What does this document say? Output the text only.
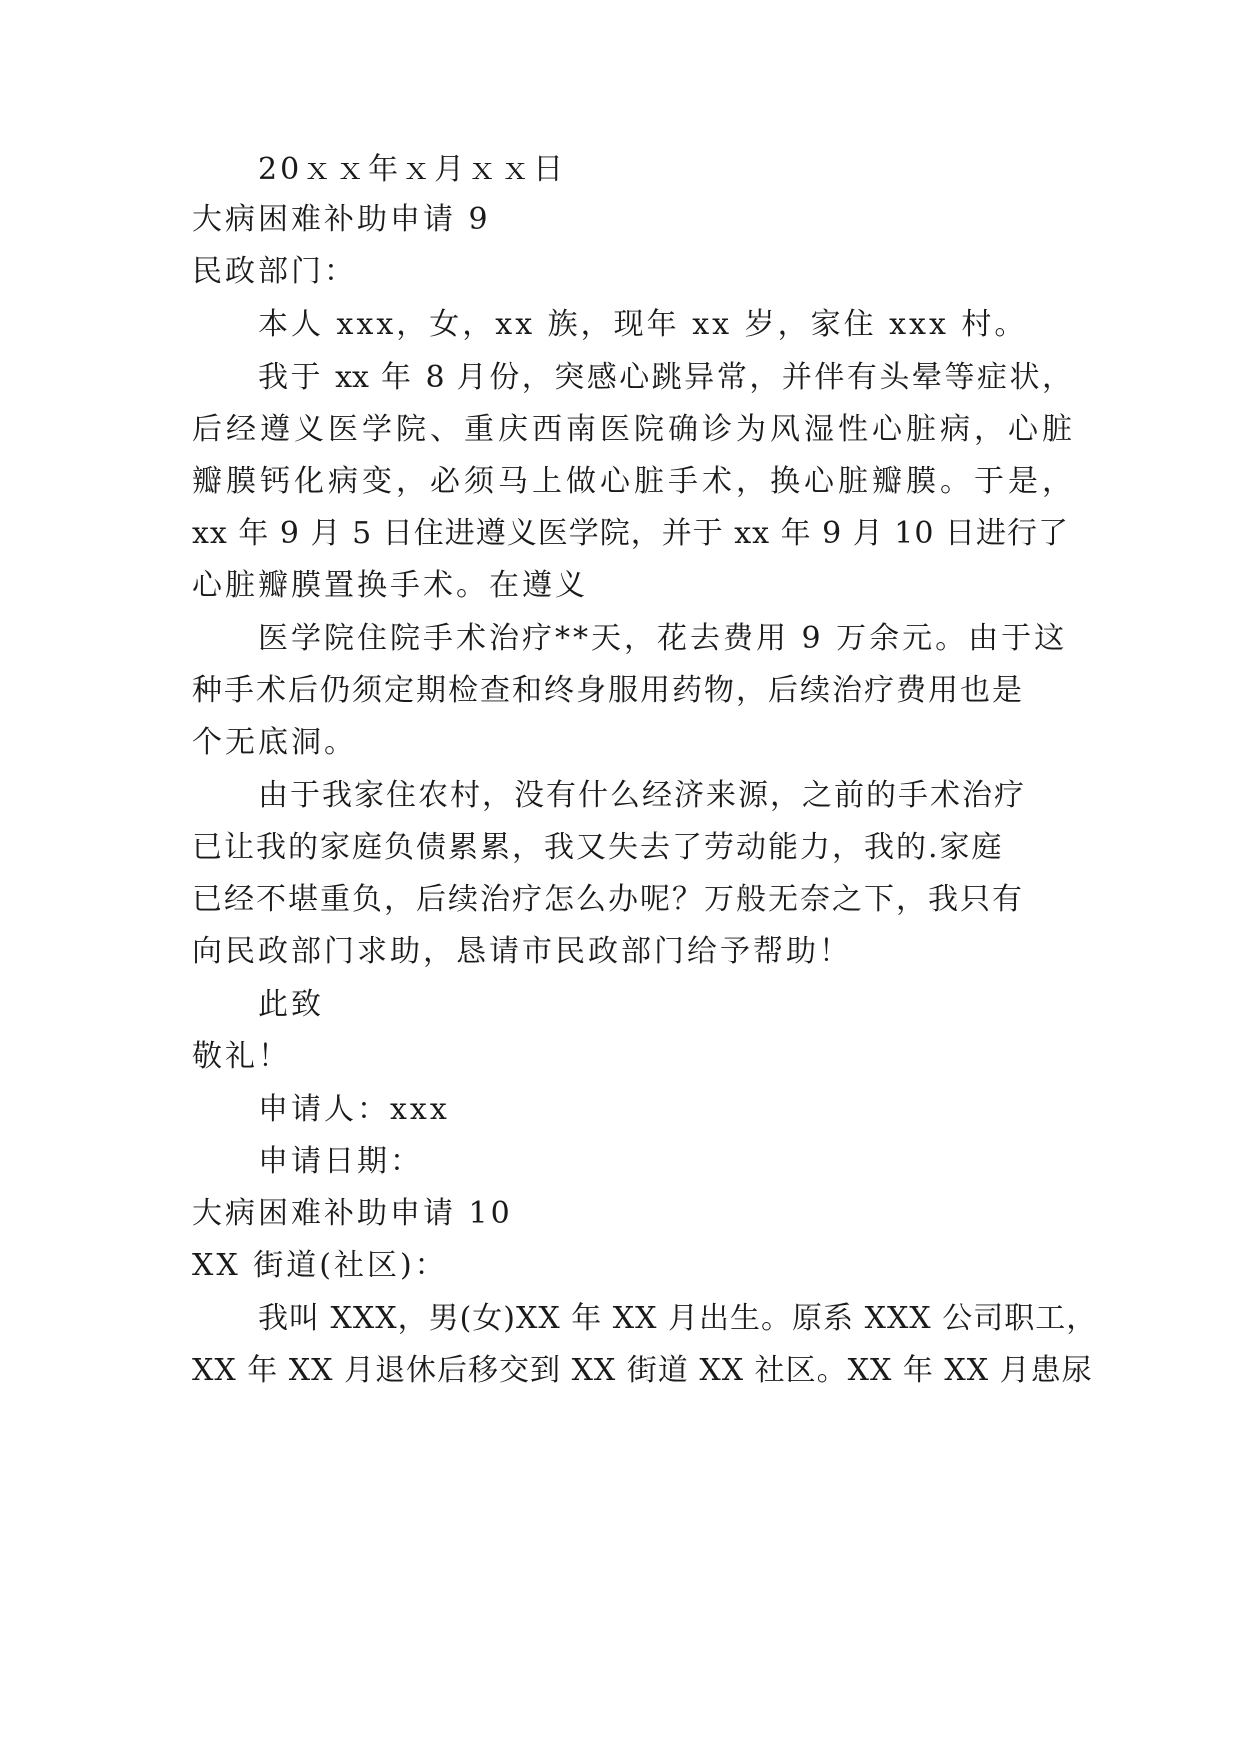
20ｘｘ年ｘ月ｘｘ日
大病困难补助申请 9
民政部门：
本人 xxx，女，xx 族，现年 xx 岁，家住 xxx 村。
我于 xx 年 8 月份，突感心跳异常，并伴有头晕等症状，
后经遵义医学院、重庆西南医院确诊为风湿性心脏病，心脏
瓣膜钙化病变，必须马上做心脏手术，换心脏瓣膜。于是，
xx 年 9 月 5 日住进遵义医学院，并于 xx 年 9 月 10 日进行了
心脏瓣膜置换手术。在遵义
医学院住院手术治疗**天，花去费用 9 万余元。由于这
种手术后仍须定期检查和终身服用药物，后续治疗费用也是
个无底洞。
由于我家住农村，没有什么经济来源，之前的手术治疗
已让我的家庭负债累累，我又失去了劳动能力，我的.家庭
已经不堪重负，后续治疗怎么办呢？万般无奈之下，我只有
向民政部门求助，恳请市民政部门给予帮助！
此致
敬礼！
申请人：xxx
申请日期：
大病困难补助申请 10
XX 街道(社区)：
我叫 XXX，男(女)XX 年 XX 月出生。原系 XXX 公司职工，
XX 年 XX 月退休后移交到 XX 街道 XX 社区。XX 年 XX 月患尿
